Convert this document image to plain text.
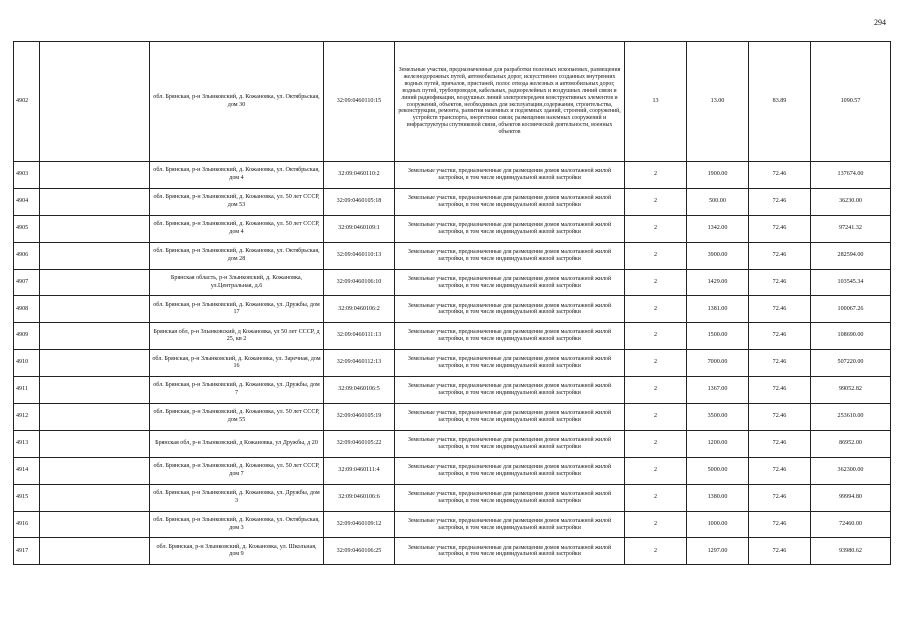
294
4902		обл. Брянская, р-н Злынковский, д. Кожановка, ул. Октябрьская, дом 30	32:09:0460110:15	Земельные участки, предназначенные для разработки полезных ископаемых, размещения железнодорожных путей, автомобильных дорог, искусственно созданных внутренних водных путей, причалов, пристаней, полос отвода железных и автомобильных дорог, водных путей, трубопроводов, кабельных, радиорелейных и воздушных линий связи и линий радиофикации, воздушных линий электропередачи конструктивных элементов и сооружений, объектов, необходимых для эксплуатации,содержания, строительства, реконструкции, ремонта, развития наземных и подземных зданий, строений, сооружений, устройств транспорта, энергетики связи; размещения наземных сооружений и инфраструктуры спутниковой связи, объектов космической деятельности, военных объектов	13	13.00	83.89	1090.57
4903		обл. Брянская, р-н Злынковский, д. Кожановка, ул. Октябрьская, дом 4	32:09:0460110:2	Земельные участки, предназначенные для размещения домов малоэтажной жилой застройки, в том числе индивидуальной жилой застройки	2	1900.00	72.46	137674.00
4904		обл. Брянская, р-н Злынковский, д. Кожановка, ул. 50 лет СССР, дом 53	32:09:0460105:18	Земельные участки, предназначенные для размещения домов малоэтажной жилой застройки, в том числе индивидуальной жилой застройки	2	500.00	72.46	36230.00
4905		обл. Брянская, р-н Злынковский, д. Кожановка, ул. 50 лет СССР, дом 4	32:09:0460109:1	Земельные участки, предназначенные для размещения домов малоэтажной жилой застройки, в том числе индивидуальной жилой застройки	2	1342.00	72.46	97241.32
4906		обл. Брянская, р-н Злынковский, д. Кожановка, ул. Октябрьская, дом 28	32:09:0460110:13	Земельные участки, предназначенные для размещения домов малоэтажной жилой застройки, в том числе индивидуальной жилой застройки	2	3900.00	72.46	282594.00
4907		Брянская область, р-н Злынковский, д. Кожановка, ул.Центральная, д.6	32:09:0460106:10	Земельные участки, предназначенные для размещения домов малоэтажной жилой застройки, в том числе индивидуальной жилой застройки	2	1429.00	72.46	103545.34
4908		обл. Брянская, р-н Злынковский, д. Кожановка, ул. Дружбы, дом 17	32:09:0460106:2	Земельные участки, предназначенные для размещения домов малоэтажной жилой застройки, в том числе индивидуальной жилой застройки	2	1381.00	72.46	100067.26
4909		Брянская обл, р-н Злынковский, д Кожановка, ул 50 лет СССР, д 25, кв 2	32:09:0460111:13	Земельные участки, предназначенные для размещения домов малоэтажной жилой застройки, в том числе индивидуальной жилой застройки	2	1500.00	72.46	108690.00
4910		обл. Брянская, р-н Злынковский, д. Кожановка, ул. Заречная, дом 16	32:09:0460112:13	Земельные участки, предназначенные для размещения домов малоэтажной жилой застройки, в том числе индивидуальной жилой застройки	2	7000.00	72.46	507220.00
4911		обл. Брянская, р-н Злынковский, д. Кожановка, ул. Дружбы, дом 7	32:09:0460106:5	Земельные участки, предназначенные для размещения домов малоэтажной жилой застройки, в том числе индивидуальной жилой застройки	2	1367.00	72.46	99052.82
4912		обл. Брянская, р-н Злынковский, д. Кожановка, ул. 50 лет СССР, дом 55	32:09:0460105:19	Земельные участки, предназначенные для размещения домов малоэтажной жилой застройки, в том числе индивидуальной жилой застройки	2	3500.00	72.46	253610.00
4913		Брянская обл, р-н Злынковский, д Кожановка, ул Дружбы, д 20	32:09:0460105:22	Земельные участки, предназначенные для размещения домов малоэтажной жилой застройки, в том числе индивидуальной жилой застройки	2	1200.00	72.46	86952.00
4914		обл. Брянская, р-н Злынковский, д. Кожановка, ул. 50 лет СССР, дом 7	32:09:0460111:4	Земельные участки, предназначенные для размещения домов малоэтажной жилой застройки, в том числе индивидуальной жилой застройки	2	5000.00	72.46	362300.00
4915		обл. Брянская, р-н Злынковский, д. Кожановка, ул. Дружбы, дом 3	32:09:0460106:6	Земельные участки, предназначенные для размещения домов малоэтажной жилой застройки, в том числе индивидуальной жилой застройки	2	1380.00	72.46	99994.80
4916		обл. Брянская, р-н Злынковский, д. Кожановка, ул. Октябрьская, дом 3	32:09:0460109:12	Земельные участки, предназначенные для размещения домов малоэтажной жилой застройки, в том числе индивидуальной жилой застройки	2	1000.00	72.46	72460.00
4917		обл. Брянская, р-н Злынковский, д. Кожановка, ул. Школьная, дом 9	32:09:0460106:25	Земельные участки, предназначенные для размещения домов малоэтажной жилой застройки, в том числе индивидуальной жилой застройки	2	1297.00	72.46	93980.62
